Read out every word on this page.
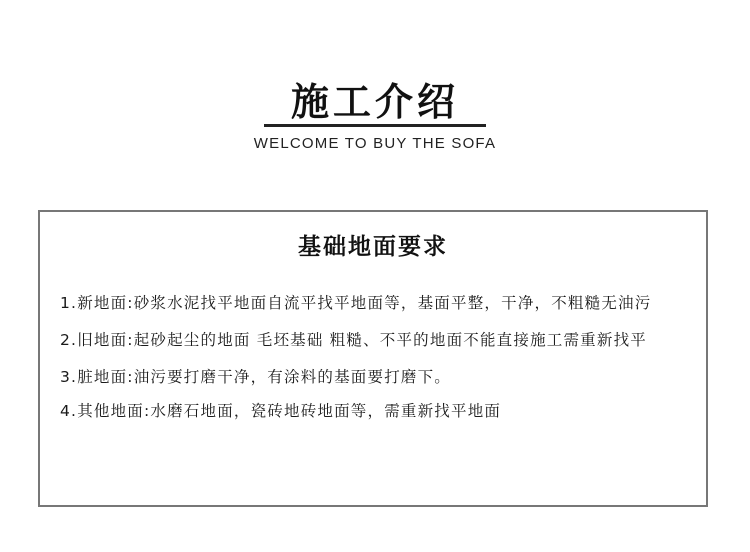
施工介绍
WELCOME TO BUY THE SOFA
基础地面要求
1.新地面:砂浆水泥找平地面自流平找平地面等，基面平整，干净，不粗糙无油污
2.旧地面:起砂起尘的地面 毛坯基础 粗糙、不平的地面不能直接施工需重新找平
3.脏地面:油污要打磨干净，有涂料的基面要打磨下。
4.其他地面:水磨石地面，瓷砖地砖地面等，需重新找平地面
